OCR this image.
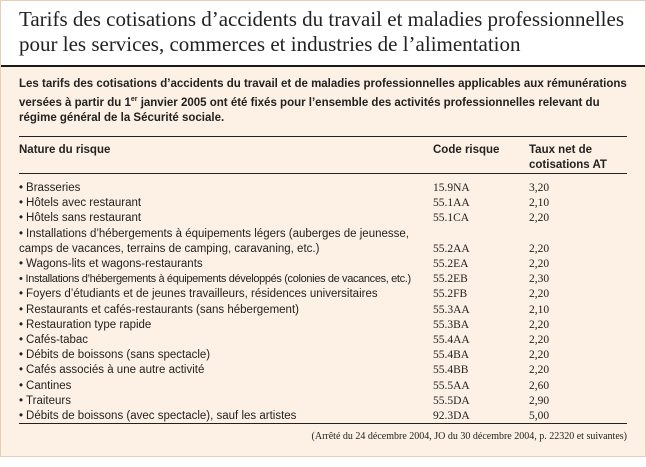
Tarifs des cotisations d’accidents du travail et maladies professionnelles
pour les services, commerces et industries de l’alimentation
Les tarifs des cotisations d’accidents du travail et de maladies professionnelles applicables aux rémunérations versées à partir du 1er janvier 2005 ont été fixés pour l’ensemble des activités professionnelles relevant du régime général de la Sécurité sociale.
Nature du risque	Code risque	Taux net de cotisations AT
• Brasseries	15.9NA	3,20
• Hôtels avec restaurant	55.1AA	2,10
• Hôtels sans restaurant	55.1CA	2,20
• Installations d’hébergements à équipements légers (auberges de jeunesse, camps de vacances, terrains de camping, caravaning, etc.)	55.2AA	2,20
• Wagons-lits et wagons-restaurants	55.2EA	2,20
• Installations d’hébergements à équipements développés (colonies de vacances, etc.)	55.2EB	2,30
• Foyers d’étudiants et de jeunes travailleurs, résidences universitaires	55.2FB	2,20
• Restaurants et cafés-restaurants (sans hébergement)	55.3AA	2,10
• Restauration type rapide	55.3BA	2,20
• Cafés-tabac	55.4AA	2,20
• Débits de boissons (sans spectacle)	55.4BA	2,20
• Cafés associés à une autre activité	55.4BB	2,20
• Cantines	55.5AA	2,60
• Traiteurs	55.5DA	2,90
• Débits de boissons (avec spectacle), sauf les artistes	92.3DA	5,00
(Arrêté du 24 décembre 2004, JO du 30 décembre 2004, p. 22320 et suivantes)
